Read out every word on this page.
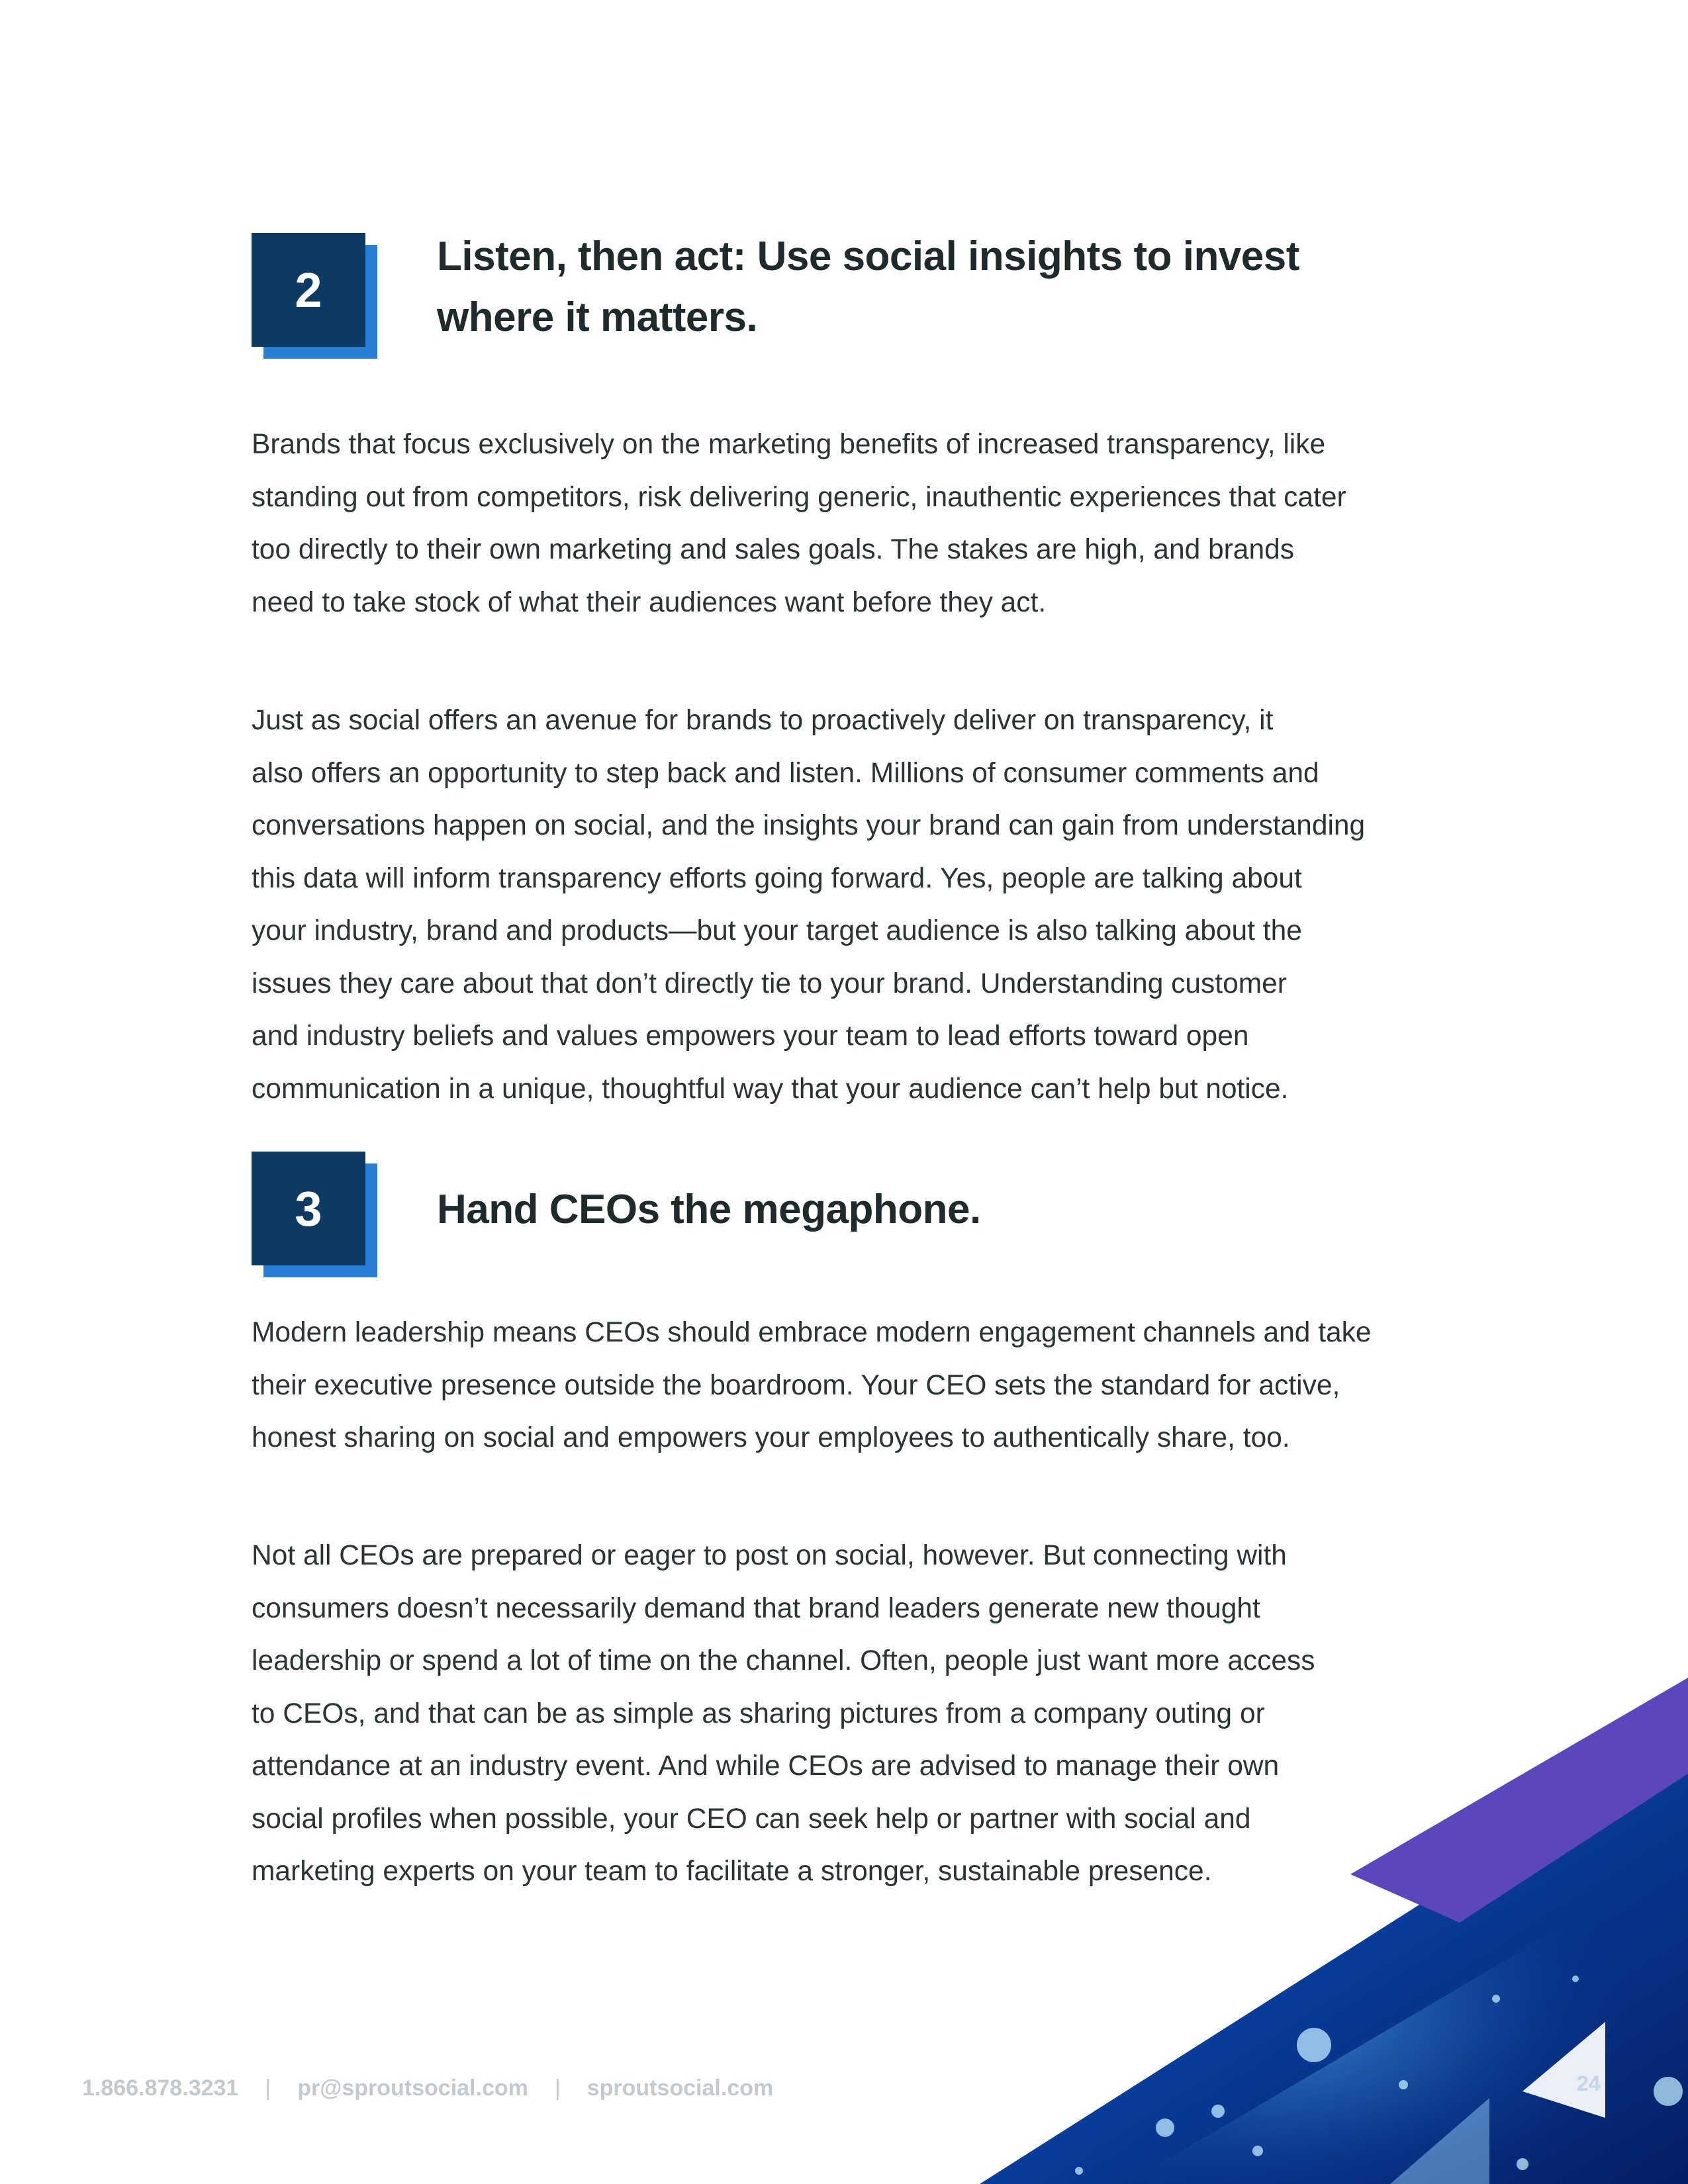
2

Listen, then act: Use social insights to invest
where it matters.

Brands that focus exclusively on the marketing benefits of increased transparency, like
standing out from competitors, risk delivering generic, inauthentic experiences that cater
too directly to their own marketing and sales goals. The stakes are high, and brands
need to take stock of what their audiences want before they act.

Just as social offers an avenue for brands to proactively deliver on transparency, it
also offers an opportunity to step back and listen. Millions of consumer comments and
conversations happen on social, and the insights your brand can gain from understanding
this data will inform transparency efforts going forward. Yes, people are talking about
your industry, brand and products—but your target audience is also talking about the
issues they care about that don’t directly tie to your brand. Understanding customer
and industry beliefs and values empowers your team to lead efforts toward open
communication in a unique, thoughtful way that your audience can’t help but notice.

3	Hand CEOs the megaphone.

Modern leadership means CEOs should embrace modern engagement channels and take
their executive presence outside the boardroom. Your CEO sets the standard for active,
honest sharing on social and empowers your employees to authentically share, too.

Not all CEOs are prepared or eager to post on social, however. But connecting with
consumers doesn’t necessarily demand that brand leaders generate new thought
leadership or spend a lot of time on the channel. Often, people just want more access
to CEOs, and that can be as simple as sharing pictures from a company outing or
attendance at an industry event. And while CEOs are advised to manage their own
social profiles when possible, your CEO can seek help or partner with social and
marketing experts on your team to facilitate a stronger, sustainable presence.

1.866.878.3231 | pr@sproutsocial.com | sproutsocial.com	24
